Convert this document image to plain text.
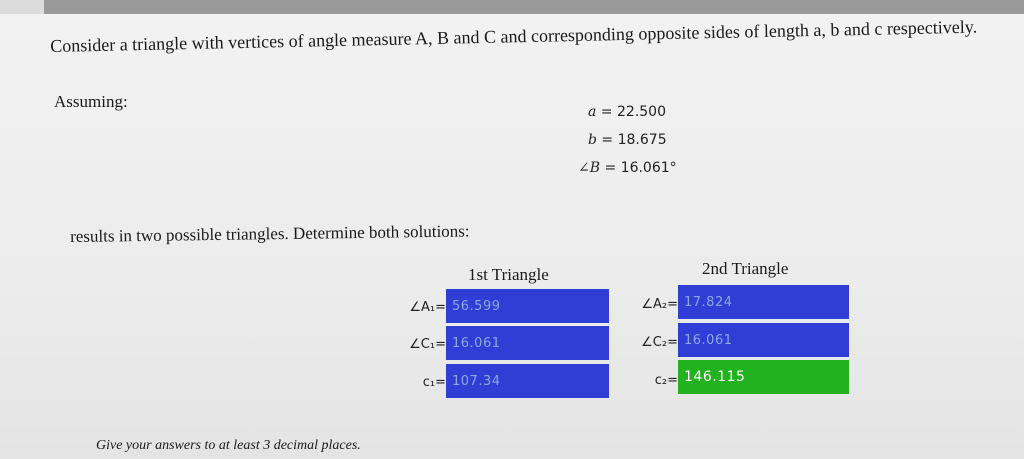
Consider a triangle with vertices of angle measure A, B and C and corresponding opposite sides of length a, b and c respectively.
Assuming:
a = 22.500
b = 18.675
∠B = 16.061°
results in two possible triangles. Determine both solutions:
1st Triangle	2nd Triangle
∠A₁= 56.599
∠C₁= 16.061
c₁= 107.34
∠A₂= 17.824
∠C₂= 16.061
c₂= 146.115
Give your answers to at least 3 decimal places.
